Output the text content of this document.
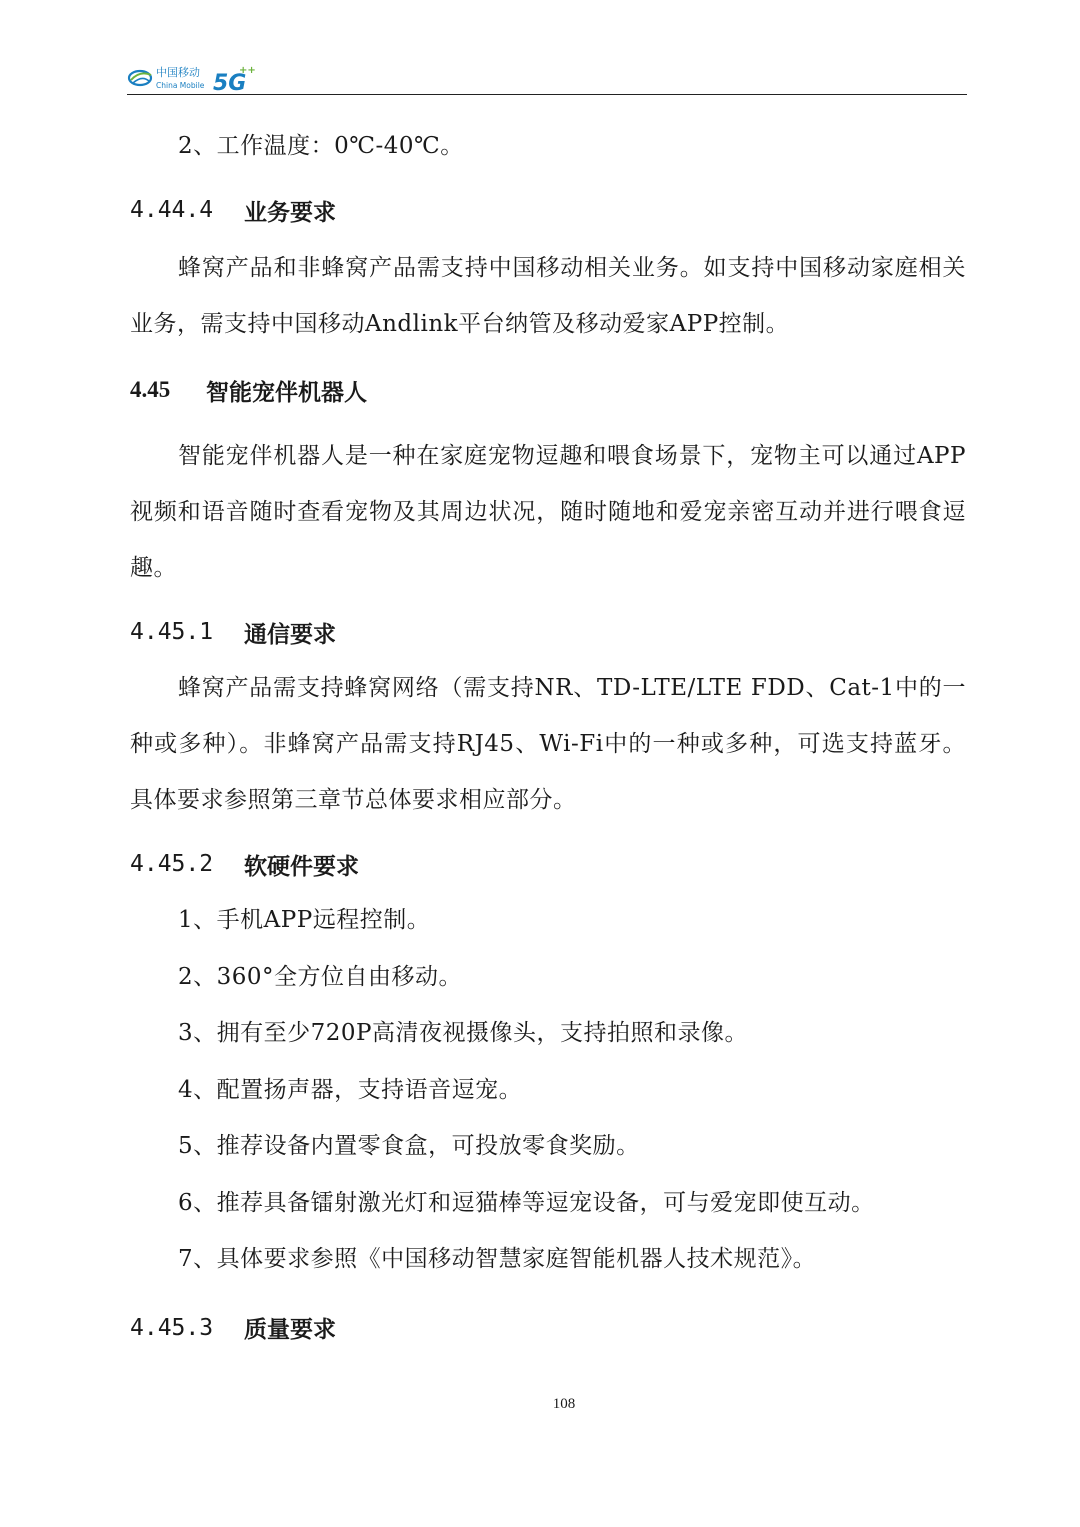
中国移动
China Mobile 5G
++

2、工作温度：0℃-40℃。

4.44.4	业务要求

蜂窝产品和非蜂窝产品需支持中国移动相关业务。如支持中国移动家庭相关业务，需支持中国移动Andlink平台纳管及移动爱家APP控制。

4.45	智能宠伴机器人

智能宠伴机器人是一种在家庭宠物逗趣和喂食场景下，宠物主可以通过APP视频和语音随时查看宠物及其周边状况，随时随地和爱宠亲密互动并进行喂食逗趣。

4.45.1	通信要求

蜂窝产品需支持蜂窝网络（需支持NR、TD-LTE/LTE FDD、Cat-1中的一种或多种）。非蜂窝产品需支持RJ45、Wi-Fi中的一种或多种，可选支持蓝牙。具体要求参照第三章节总体要求相应部分。

4.45.2	软硬件要求

1、手机APP远程控制。

2、360°全方位自由移动。

3、拥有至少720P高清夜视摄像头，支持拍照和录像。

4、配置扬声器，支持语音逗宠。

5、推荐设备内置零食盒，可投放零食奖励。

6、推荐具备镭射激光灯和逗猫棒等逗宠设备，可与爱宠即使互动。

7、具体要求参照《中国移动智慧家庭智能机器人技术规范》。

4.45.3	质量要求
108
